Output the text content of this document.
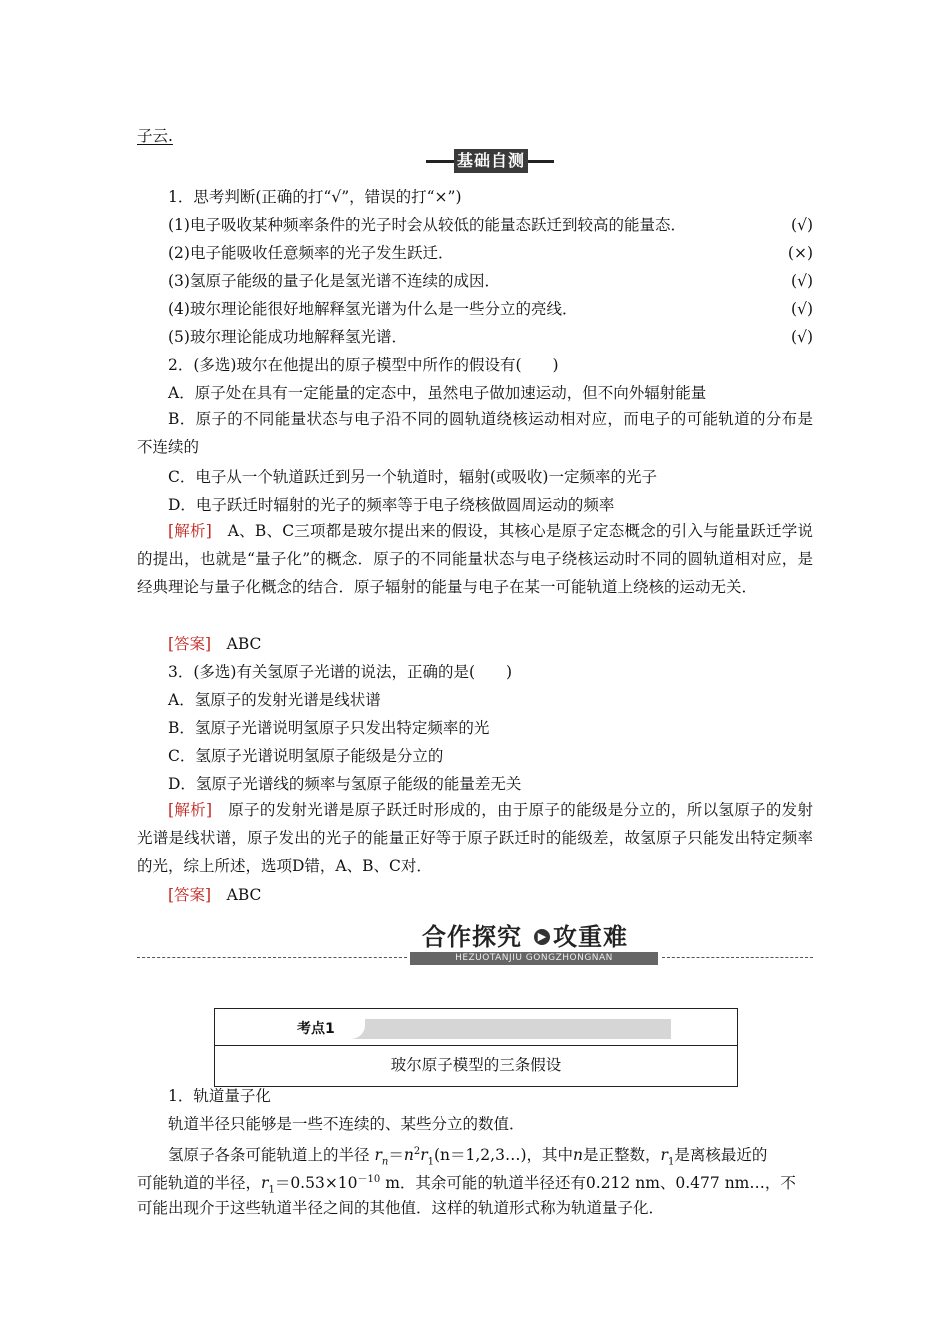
子云.
基础自测
1．思考判断(正确的打“√”，错误的打“×”)
(1)电子吸收某种频率条件的光子时会从较低的能量态跃迁到较高的能量态．	(√)
(2)电子能吸收任意频率的光子发生跃迁．	(×)
(3)氢原子能级的量子化是氢光谱不连续的成因．	(√)
(4)玻尔理论能很好地解释氢光谱为什么是一些分立的亮线．	(√)
(5)玻尔理论能成功地解释氢光谱．	(√)
2．(多选)玻尔在他提出的原子模型中所作的假设有(　　)
A．原子处在具有一定能量的定态中，虽然电子做加速运动，但不向外辐射能量
B．原子的不同能量状态与电子沿不同的圆轨道绕核运动相对应，而电子的可能轨道的分布是不连续的
C．电子从一个轨道跃迁到另一个轨道时，辐射(或吸收)一定频率的光子
D．电子跃迁时辐射的光子的频率等于电子绕核做圆周运动的频率
[解析]　 A、B、C三项都是玻尔提出来的假设，其核心是原子定态概念的引入与能量跃迁学说的提出，也就是“量子化”的概念．原子的不同能量状态与电子绕核运动时不同的圆轨道相对应，是经典理论与量子化概念的结合．原子辐射的能量与电子在某一可能轨道上绕核的运动无关．
[答案]　 ABC
3．(多选)有关氢原子光谱的说法，正确的是(　　)
A．氢原子的发射光谱是线状谱
B．氢原子光谱说明氢原子只发出特定频率的光
C．氢原子光谱说明氢原子能级是分立的
D．氢原子光谱线的频率与氢原子能级的能量差无关
[解析]　 原子的发射光谱是原子跃迁时形成的，由于原子的能级是分立的，所以氢原子的发射光谱是线状谱，原子发出的光子的能量正好等于原子跃迁时的能级差，故氢原子只能发出特定频率的光，综上所述，选项D错，A、B、C对．
[答案]　 ABC
合作探究	▶ 攻重难
HEZUOTANJIU GONGZHONGNAN
考点1
玻尔原子模型的三条假设
1．轨道量子化
轨道半径只能够是一些不连续的、某些分立的数值．
氢原子各条可能轨道上的半径 $r_n=n^2r_1(n=1,2,3\dots)$，其中n是正整数，$r_1$是离核最近的
可能轨道的半径，$r_1=0.53\times 10^{-10}$ m．其余可能的轨道半径还有0.212 nm、0.477 nm…，不
可能出现介于这些轨道半径之间的其他值．这样的轨道形式称为轨道量子化．
